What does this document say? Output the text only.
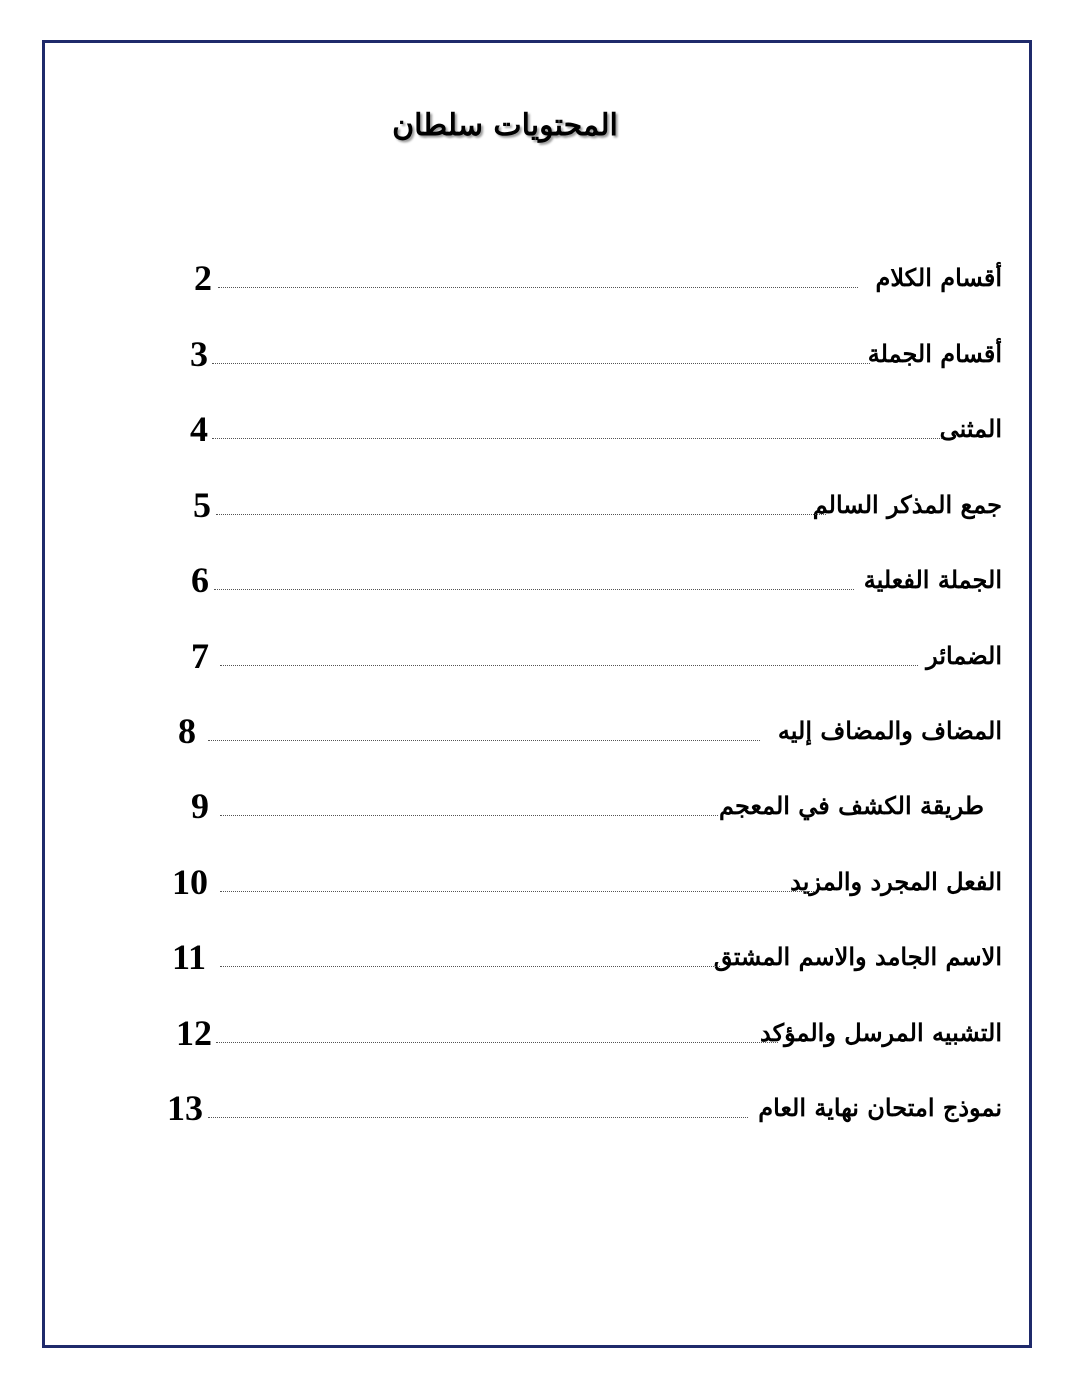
المحتويات سلطان
أقسام الكلام
2
أقسام الجملة
3
المثنى
4
جمع المذكر السالم
5
الجملة الفعلية
6
الضمائر
7
المضاف والمضاف إليه
8
طريقة الكشف في المعجم
9
الفعل المجرد والمزيد
10
الاسم الجامد والاسم المشتق
11
التشبيه المرسل والمؤكد
12
نموذج امتحان نهاية العام
13
